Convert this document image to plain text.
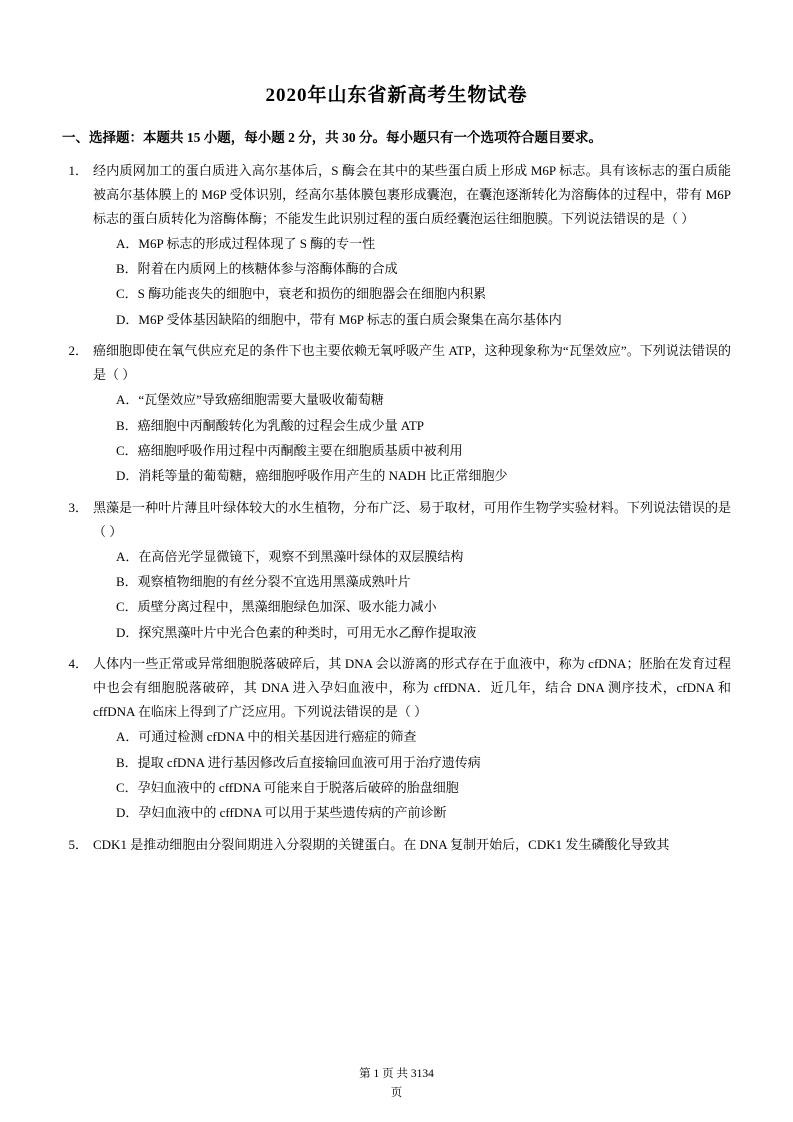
2020年山东省新高考生物试卷
一、选择题：本题共 15 小题，每小题 2 分，共 30 分。每小题只有一个选项符合题目要求。
1． 经内质网加工的蛋白质进入高尔基体后，S 酶会在其中的某些蛋白质上形成 M6P 标志。具有该标志的蛋白质能被高尔基体膜上的 M6P 受体识别，经高尔基体膜包裹形成囊泡，在囊泡逐渐转化为溶酶体的过程中，带有 M6P 标志的蛋白质转化为溶酶体酶；不能发生此识别过程的蛋白质经囊泡运往细胞膜。下列说法错误的是（ ）
A．M6P 标志的形成过程体现了 S 酶的专一性
B．附着在内质网上的核糖体参与溶酶体酶的合成
C．S 酶功能丧失的细胞中，衰老和损伤的细胞器会在细胞内积累
D．M6P 受体基因缺陷的细胞中，带有 M6P 标志的蛋白质会聚集在高尔基体内
2． 癌细胞即使在氧气供应充足的条件下也主要依赖无氧呼吸产生 ATP，这种现象称为“瓦堡效应”。下列说法错误的是（ ）
A．“瓦堡效应”导致癌细胞需要大量吸收葡萄糖
B．癌细胞中丙酮酸转化为乳酸的过程会生成少量 ATP
C．癌细胞呼吸作用过程中丙酮酸主要在细胞质基质中被利用
D．消耗等量的葡萄糖，癌细胞呼吸作用产生的 NADH 比正常细胞少
3． 黑藻是一种叶片薄且叶绿体较大的水生植物，分布广泛、易于取材，可用作生物学实验材料。下列说法错误的是（ ）
A．在高倍光学显微镜下，观察不到黑藻叶绿体的双层膜结构
B．观察植物细胞的有丝分裂不宜选用黑藻成熟叶片
C．质壁分离过程中，黑藻细胞绿色加深、吸水能力减小
D．探究黑藻叶片中光合色素的种类时，可用无水乙醇作提取液
4． 人体内一些正常或异常细胞脱落破碎后，其 DNA 会以游离的形式存在于血液中，称为 cfDNA；胚胎在发育过程中也会有细胞脱落破碎，其 DNA 进入孕妇血液中，称为 cffDNA．近几年，结合 DNA 测序技术，cfDNA 和 cffDNA 在临床上得到了广泛应用。下列说法错误的是（ ）
A．可通过检测 cfDNA 中的相关基因进行癌症的筛查
B．提取 cfDNA 进行基因修改后直接输回血液可用于治疗遗传病
C．孕妇血液中的 cffDNA 可能来自于脱落后破碎的胎盘细胞
D．孕妇血液中的 cffDNA 可以用于某些遗传病的产前诊断
5． CDK1 是推动细胞由分裂间期进入分裂期的关键蛋白。在 DNA 复制开始后，CDK1 发生磷酸化导致其
第 1 页 共 3134
页
